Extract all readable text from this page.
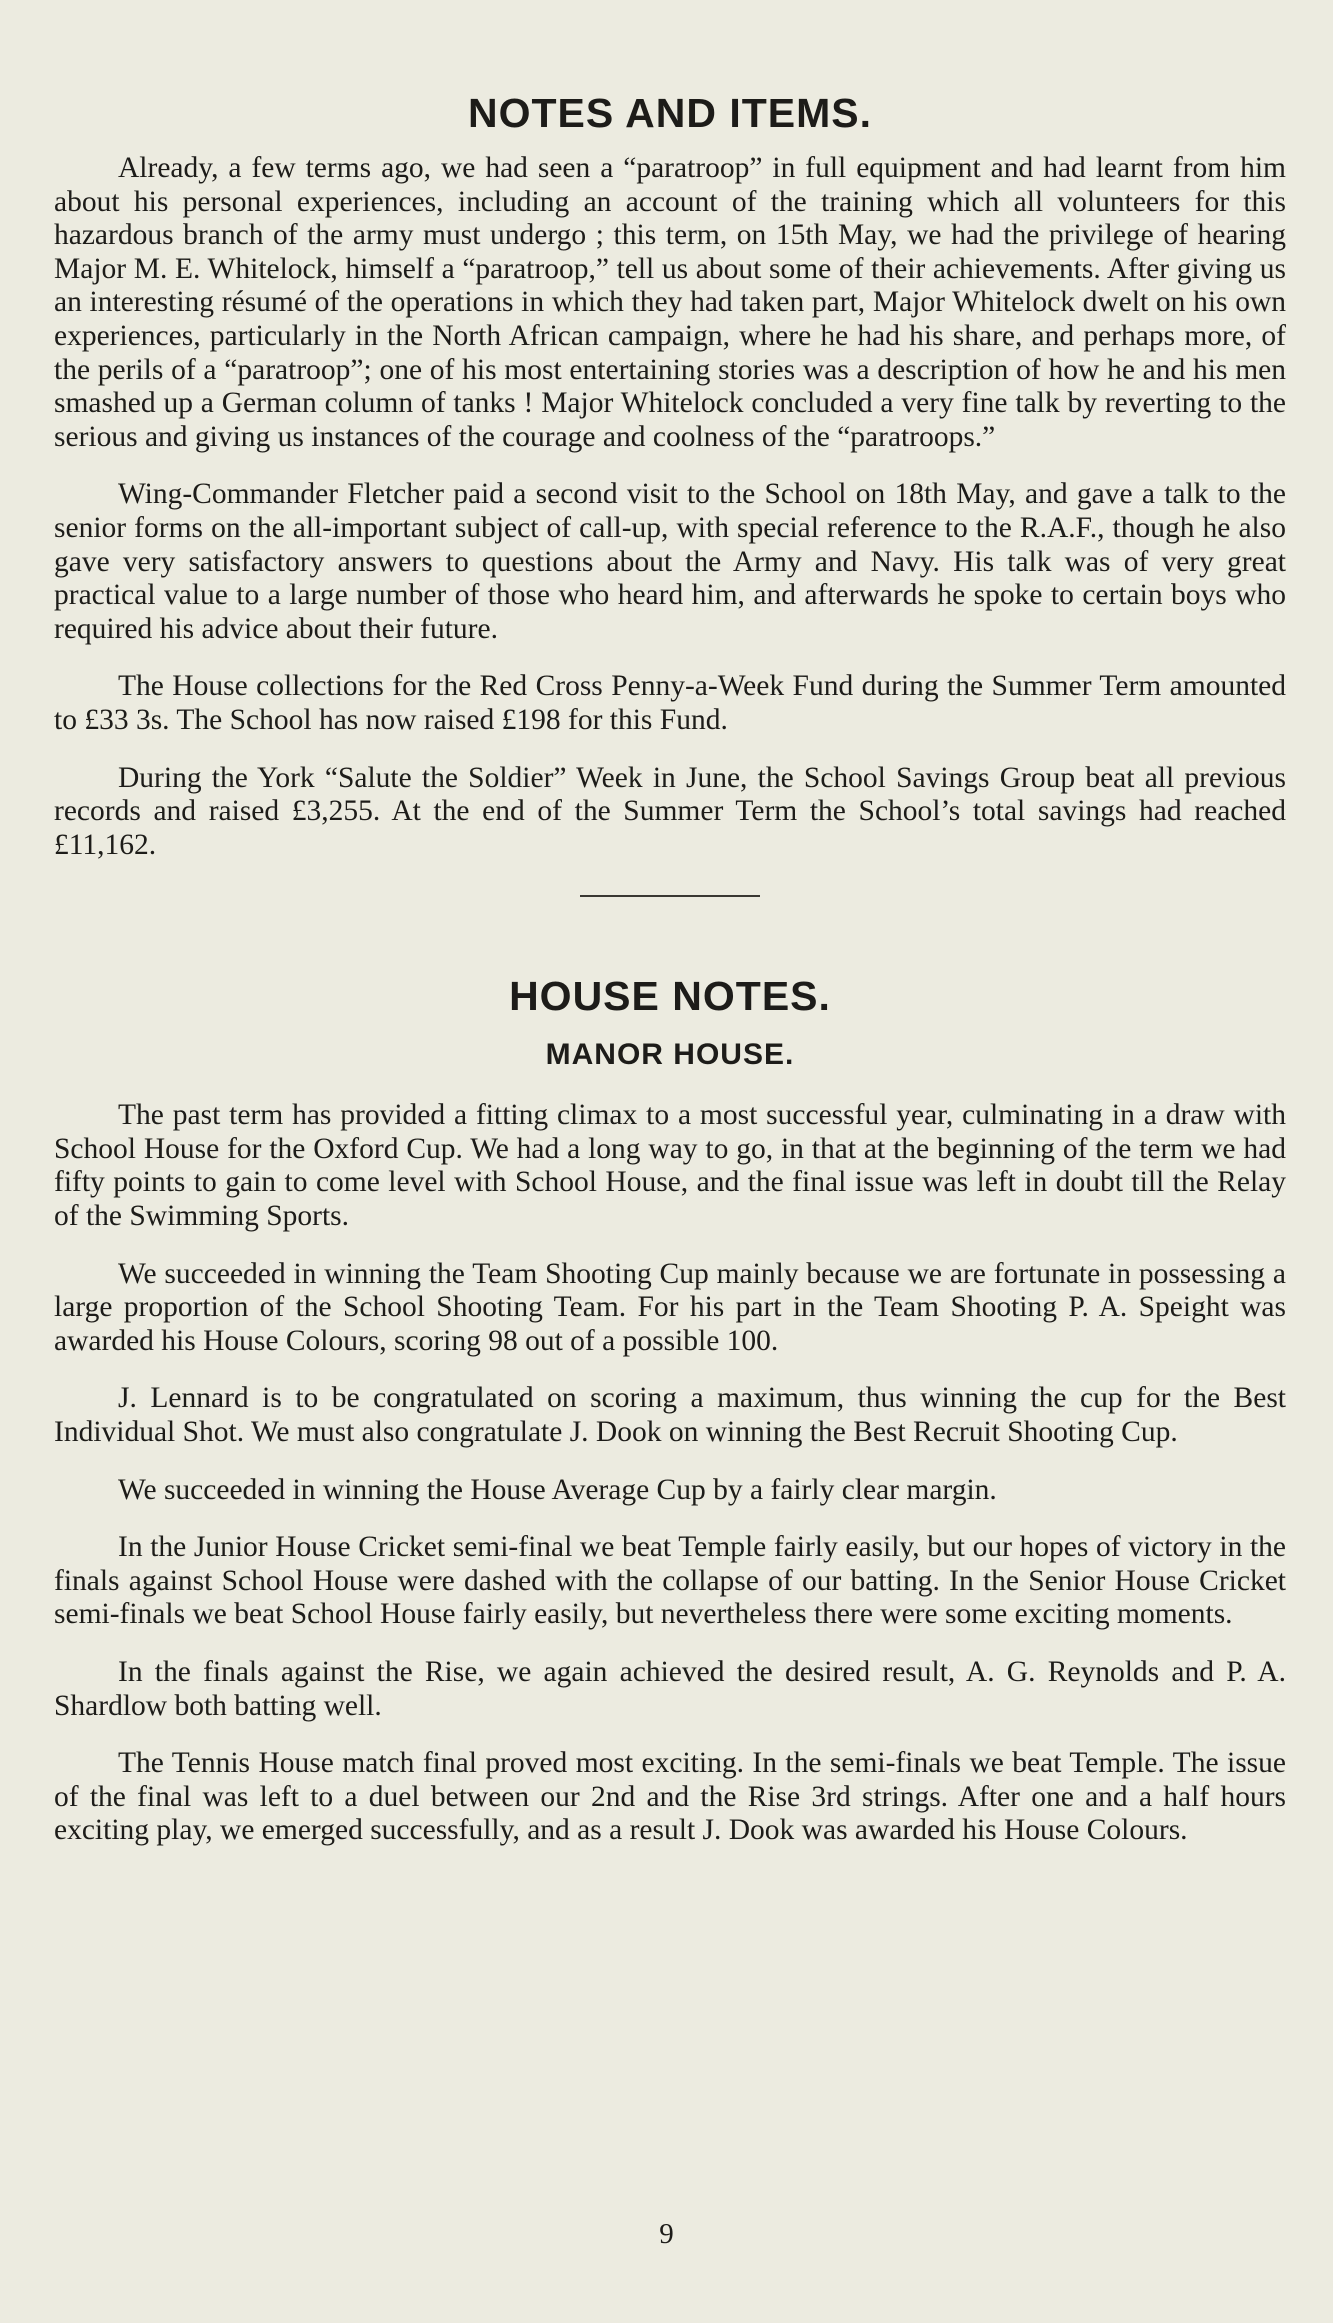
NOTES AND ITEMS.

Already, a few terms ago, we had seen a “paratroop” in full equipment and had learnt from him about his personal experiences, including an account of the training which all volunteers for this hazardous branch of the army must undergo ; this term, on 15th May, we had the privilege of hearing Major M. E. Whitelock, himself a “paratroop,” tell us about some of their achievements. After giving us an interesting résumé of the operations in which they had taken part, Major Whitelock dwelt on his own experiences, particularly in the North African campaign, where he had his share, and perhaps more, of the perils of a “paratroop”; one of his most entertaining stories was a description of how he and his men smashed up a German column of tanks ! Major Whitelock concluded a very fine talk by reverting to the serious and giving us instances of the courage and coolness of the “paratroops.”

Wing-Commander Fletcher paid a second visit to the School on 18th May, and gave a talk to the senior forms on the all-important subject of call-up, with special reference to the R.A.F., though he also gave very satisfactory answers to questions about the Army and Navy. His talk was of very great practical value to a large number of those who heard him, and afterwards he spoke to certain boys who required his advice about their future.

The House collections for the Red Cross Penny-a-Week Fund during the Summer Term amounted to £33 3s. The School has now raised £198 for this Fund.

During the York “Salute the Soldier” Week in June, the School Savings Group beat all previous records and raised £3,255. At the end of the Summer Term the School’s total savings had reached £11,162.

HOUSE NOTES.
MANOR HOUSE.

The past term has provided a fitting climax to a most successful year, culminating in a draw with School House for the Oxford Cup. We had a long way to go, in that at the beginning of the term we had fifty points to gain to come level with School House, and the final issue was left in doubt till the Relay of the Swimming Sports.

We succeeded in winning the Team Shooting Cup mainly because we are fortunate in possessing a large proportion of the School Shooting Team. For his part in the Team Shooting P. A. Speight was awarded his House Colours, scoring 98 out of a possible 100.

J. Lennard is to be congratulated on scoring a maximum, thus winning the cup for the Best Individual Shot. We must also congratulate J. Dook on winning the Best Recruit Shooting Cup.

We succeeded in winning the House Average Cup by a fairly clear margin.

In the Junior House Cricket semi-final we beat Temple fairly easily, but our hopes of victory in the finals against School House were dashed with the collapse of our batting. In the Senior House Cricket semi-finals we beat School House fairly easily, but nevertheless there were some exciting moments.

In the finals against the Rise, we again achieved the desired result, A. G. Reynolds and P. A. Shardlow both batting well.

The Tennis House match final proved most exciting. In the semi-finals we beat Temple. The issue of the final was left to a duel between our 2nd and the Rise 3rd strings. After one and a half hours exciting play, we emerged successfully, and as a result J. Dook was awarded his House Colours.

9
